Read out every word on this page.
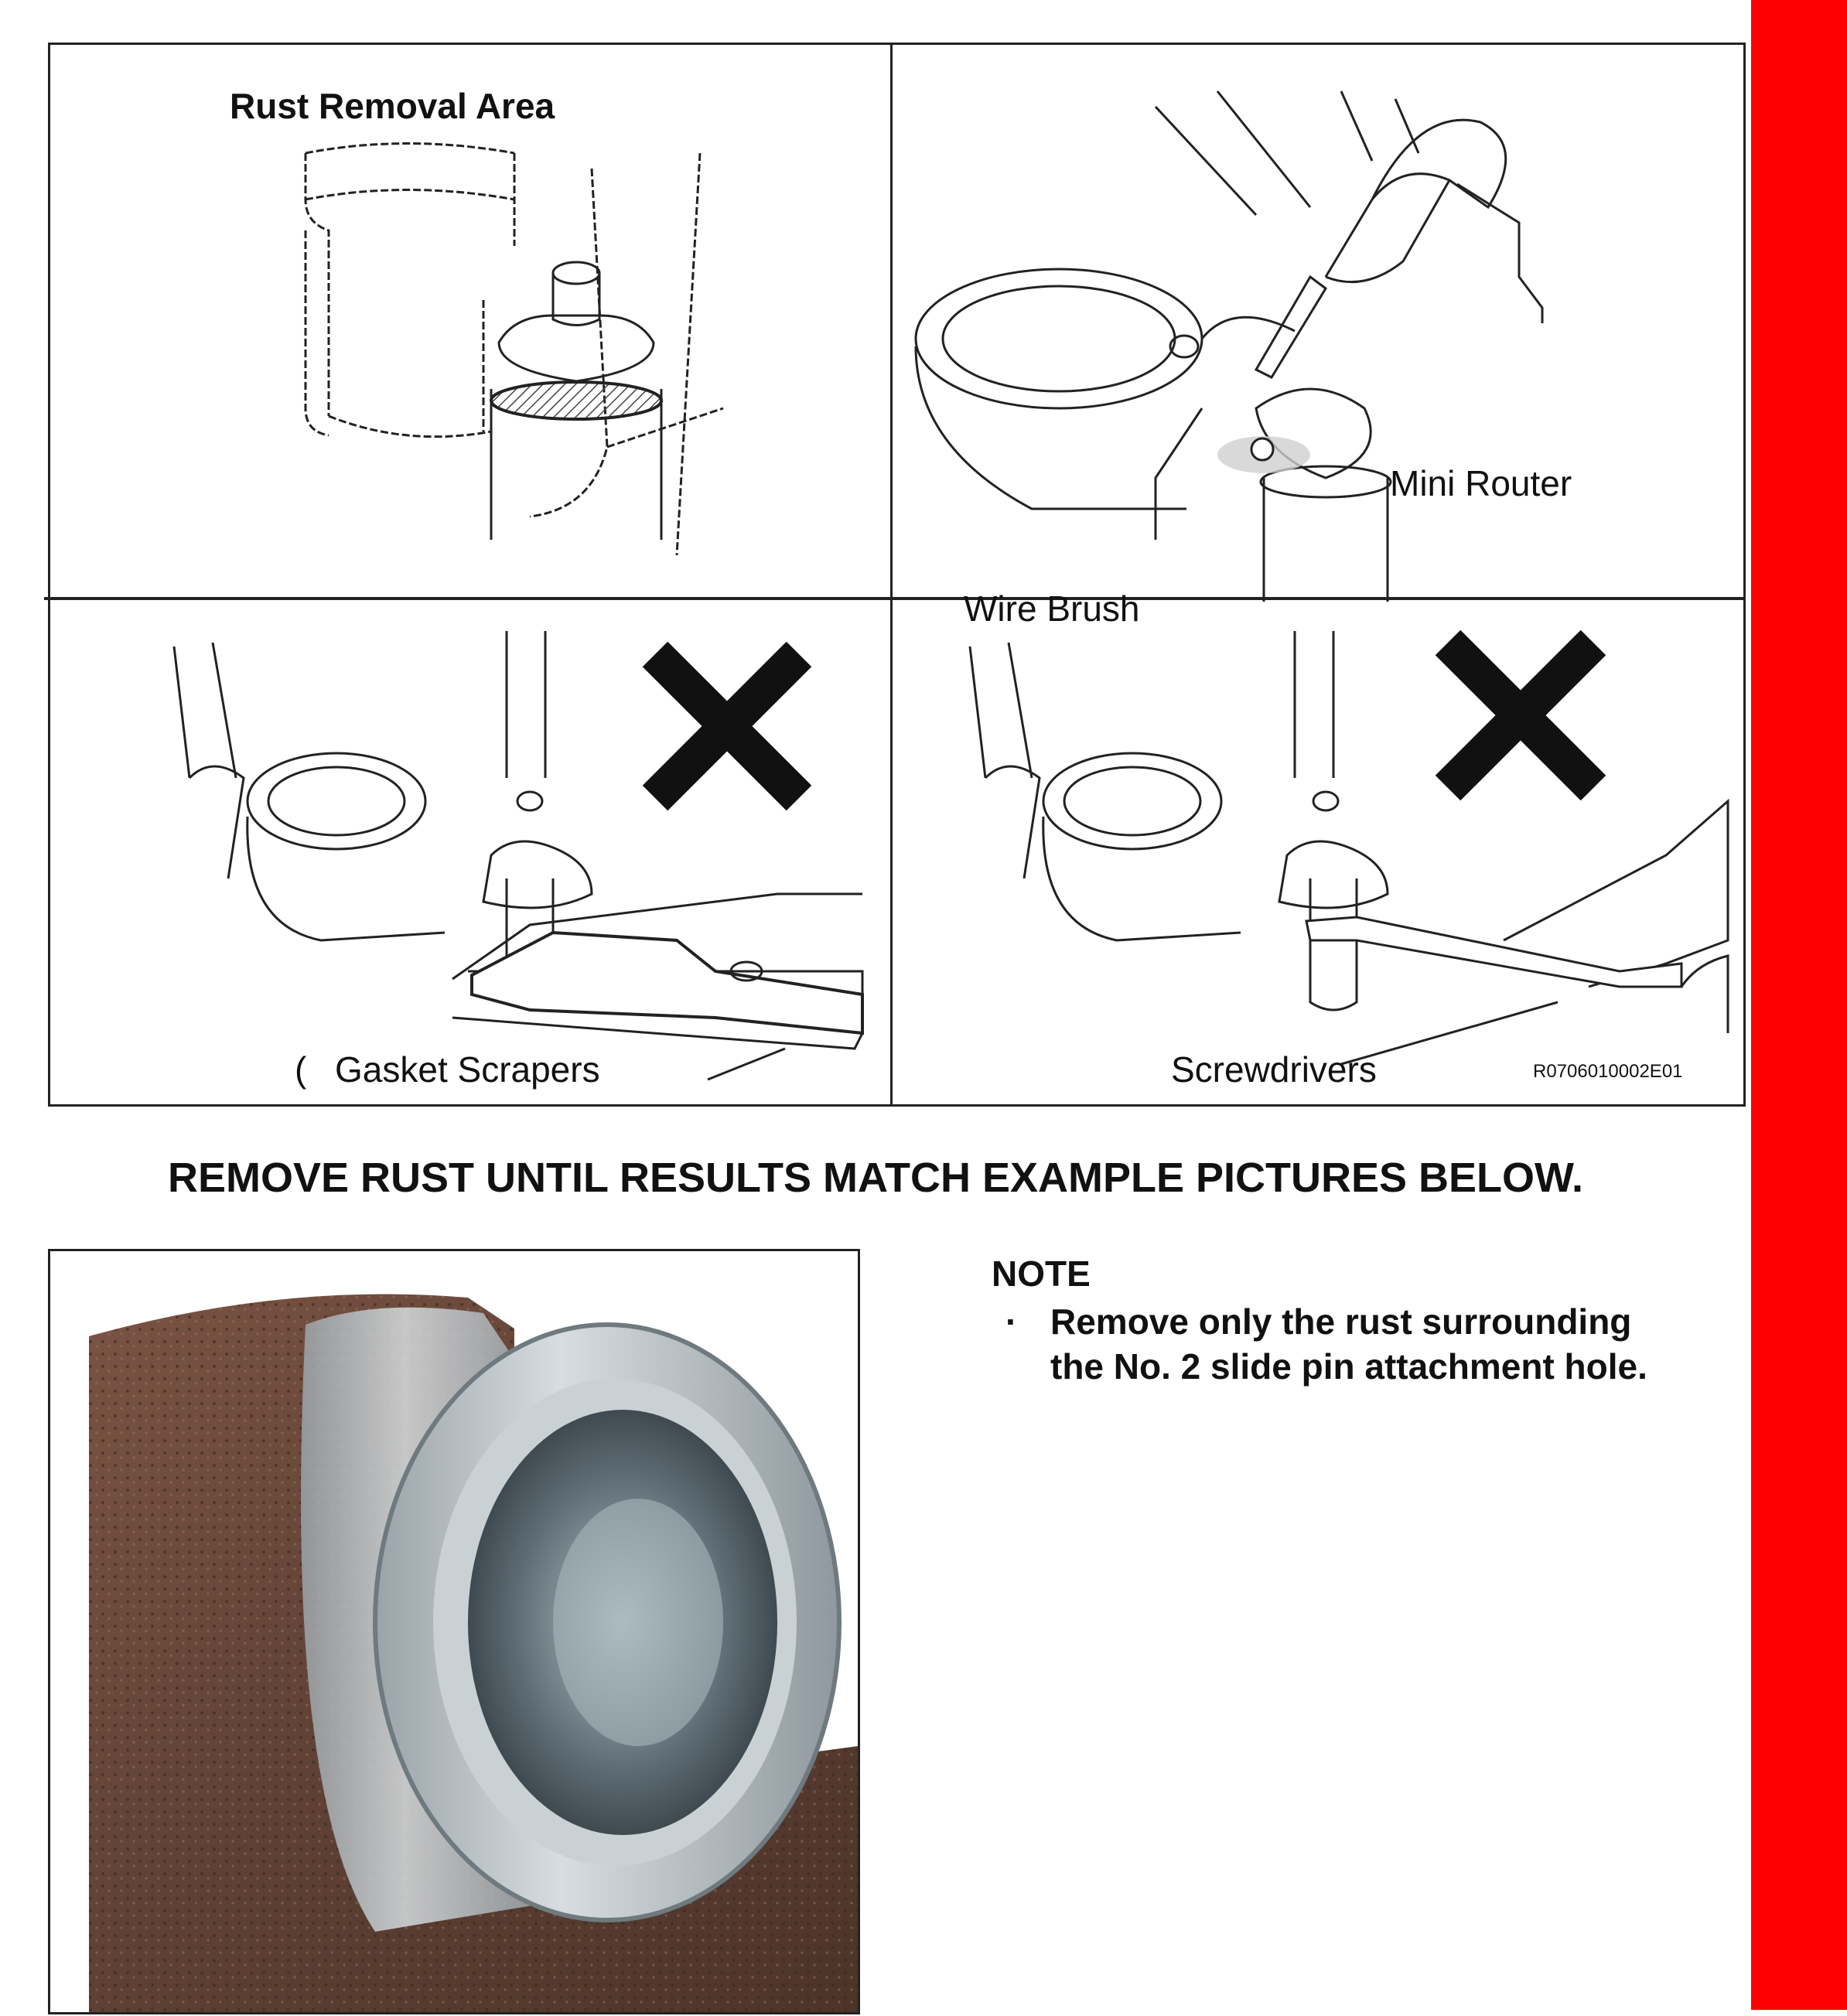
Rust Removal Area
Mini Router
Wire Brush
( Gasket Scrapers	Screwdrivers	R0706010002E01
REMOVE RUST UNTIL RESULTS MATCH EXAMPLE PICTURES BELOW.
NOTE
· Remove only the rust surrounding the No. 2 slide pin attachment hole.
